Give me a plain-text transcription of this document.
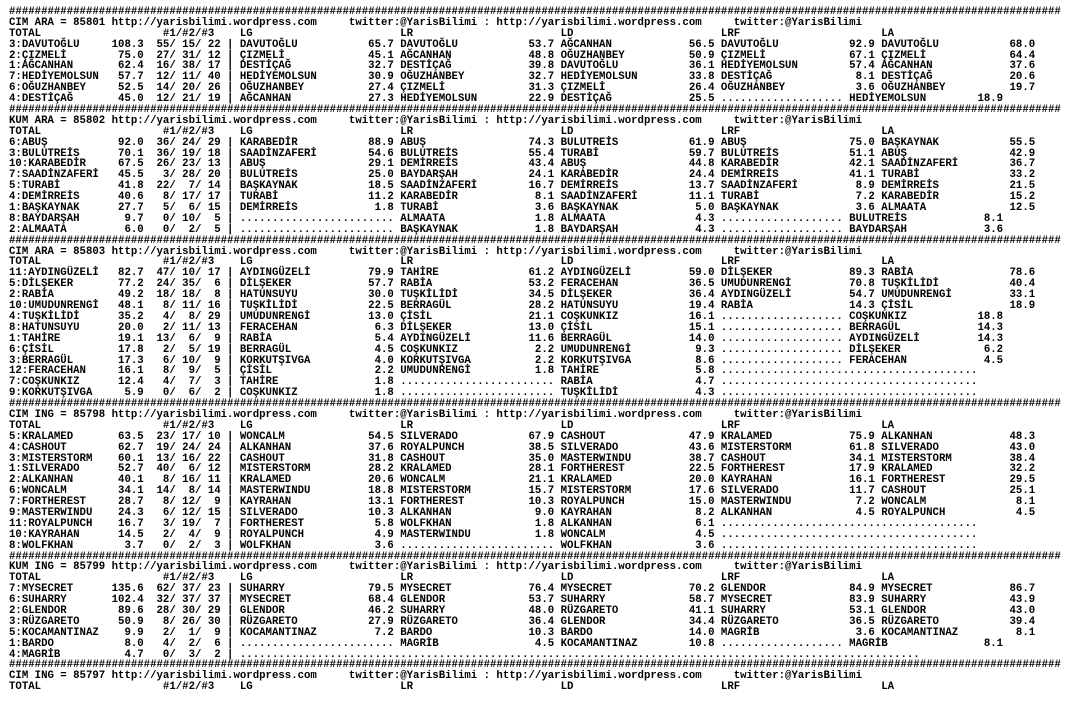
####################################################################################################################################################################
CIM ARA = 85801 http://yarisbilimi.wordpress.com     twitter:@YarisBilimi : http://yarisbilimi.wordpress.com     twitter:@YarisBilimi
TOTAL                   #1/#2/#3    LG                       LR                       LD                       LRF                      LA
3:DAVUTOĞLU     108.3  55/ 15/ 22 | DAVUTOĞLU           65.7 DAVUTOĞLU           53.7 AĞCANHAN            56.5 DAVUTOĞLU           92.9 DAVUTOĞLU           68.0
2:ÇIZMELİ        75.0  27/ 31/ 12 | ÇIZMELİ             45.1 AĞCANHAN            48.8 OĞUZHANBEY          50.9 ÇIZMELİ             67.1 ÇIZMELİ             64.4
1:AĞCANHAN       62.4  16/ 38/ 17 | DESTİÇAĞ            32.7 DESTİÇAĞ            39.8 DAVUTOĞLU           36.1 HEDİYEMOLSUN        57.4 AĞCANHAN            37.6
7:HEDİYEMOLSUN   57.7  12/ 11/ 40 | HEDİYEMOLSUN        30.9 OĞUZHANBEY          32.7 HEDİYEMOLSUN        33.8 DESTİÇAĞ             8.1 DESTİÇAĞ            20.6
6:OĞUZHANBEY     52.5  14/ 20/ 26 | OĞUZHANBEY          27.4 ÇIZMELİ             31.3 ÇIZMELİ             26.4 OĞUZHANBEY           3.6 OĞUZHANBEY          19.7
4:DESTİÇAĞ       45.0  12/ 21/ 19 | AĞCANHAN            27.3 HEDİYEMOLSUN        22.9 DESTİÇAĞ            25.5 ................... HEDİYEMOLSUN        18.9
####################################################################################################################################################################
KUM ARA = 85802 http://yarisbilimi.wordpress.com     twitter:@YarisBilimi : http://yarisbilimi.wordpress.com     twitter:@YarisBilimi
TOTAL                   #1/#2/#3    LG                       LR                       LD                       LRF                      LA
6:ABUŞ           92.0  36/ 24/ 29 | KARABEDİR           88.9 ABUŞ                74.3 BULUTREİS           61.9 ABUŞ                75.0 BAŞKAYNAK           55.5
3:BULUTREİS      70.1  36/ 19/ 18 | SAADİNZAFERİ        54.6 BULUTREİS           55.4 TURABİ              59.7 BULUTREİS           51.1 ABUŞ                42.9
10:KARABEDİR     67.5  26/ 23/ 13 | ABUŞ                29.1 DEMİRREİS           43.4 ABUŞ                44.8 KARABEDİR           42.1 SAADİNZAFERİ        36.7
7:SAADİNZAFERİ   45.5   3/ 28/ 20 | BULUTREİS           25.0 BAYDARŞAH           24.1 KARABEDİR           24.4 DEMİRREİS           41.1 TURABİ              33.2
5:TURABİ         41.8  22/  7/ 14 | BAŞKAYNAK           18.5 SAADİNZAFERİ        16.7 DEMİRREİS           13.7 SAADİNZAFERİ         8.9 DEMİRREİS           21.5
4:DEMİRREİS      40.6   8/ 17/ 17 | TURABİ              11.2 KARABEDİR            8.1 SAADİNZAFERİ        11.1 TURABİ               7.2 KARABEDİR           15.2
1:BAŞKAYNAK      27.7   5/  6/ 15 | DEMİRREİS            1.8 TURABİ               3.6 BAŞKAYNAK            5.0 BAŞKAYNAK            3.6 ALMAATA             12.5
8:BAYDARŞAH       9.7   0/ 10/  5 | ........................ ALMAATA              1.8 ALMAATA              4.3 ................... BULUTREİS            8.1
2:ALMAATA         6.0   0/  2/  5 | ........................ BAŞKAYNAK            1.8 BAYDARŞAH            4.3 ................... BAYDARŞAH            3.6
####################################################################################################################################################################
CIM ARA = 85803 http://yarisbilimi.wordpress.com     twitter:@YarisBilimi : http://yarisbilimi.wordpress.com     twitter:@YarisBilimi
TOTAL                   #1/#2/#3    LG                       LR                       LD                       LRF                      LA
11:AYDINGÜZELİ   82.7  47/ 10/ 17 | AYDINGÜZELİ         79.9 TAHİRE              61.2 AYDINGÜZELİ         59.0 DİLŞEKER            89.3 RABİA               78.6
5:DİLŞEKER       77.2  24/ 35/  6 | DİLŞEKER            57.7 RABİA               53.2 FERACEHAN           36.5 UMUDUNRENGİ         70.8 TUŞKİLİDİ           40.4
2:RABİA          49.2  18/ 18/  8 | HATUNSUYU           30.0 TUŞKİLİDİ           34.5 DİLŞEKER            36.4 AYDINGÜZELİ         54.7 UMUDUNRENGİ         33.1
10:UMUDUNRENGİ   48.1   8/ 11/ 16 | TUŞKİLİDİ           22.5 BERRAGÜL            28.2 HATUNSUYU           19.4 RABİA               14.3 ÇİSİL               18.9
4:TUŞKİLİDİ      35.2   4/  8/ 29 | UMUDUNRENGİ         13.0 ÇİSİL               21.1 COŞKUNKIZ           16.1 ................... COŞKUNKIZ           18.8
8:HATUNSUYU      20.0   2/ 11/ 13 | FERACEHAN            6.3 DİLŞEKER            13.0 ÇİSİL               15.1 ................... BERRAGÜL            14.3
1:TAHİRE         19.1  13/  6/  9 | RABİA                5.4 AYDINGÜZELİ         11.6 BERRAGÜL            14.0 ................... AYDINGÜZELİ         14.3
6:ÇİSİL          17.8   2/  5/ 19 | BERRAGÜL             4.5 COŞKUNKIZ            2.2 UMUDUNRENGİ          9.3 ................... DİLŞEKER             6.2
3:BERRAGÜL       17.3   6/ 10/  9 | KORKUTŞIVGA          4.0 KORKUTŞIVGA          2.2 KORKUTŞIVGA          8.6 ................... FERACEHAN            4.5
12:FERACEHAN     16.1   8/  9/  5 | ÇİSİL                2.2 UMUDUNRENGİ          1.8 TAHİRE               5.8 ........................................
7:COŞKUNKIZ      12.4   4/  7/  3 | TAHİRE               1.8 ........................ RABİA                4.7 ........................................
9:KORKUTŞIVGA     5.9   0/  6/  2 | COŞKUNKIZ            1.8 ........................ TUŞKİLİDİ            4.3 ........................................
####################################################################################################################################################################
CIM ING = 85798 http://yarisbilimi.wordpress.com     twitter:@YarisBilimi : http://yarisbilimi.wordpress.com     twitter:@YarisBilimi
TOTAL                   #1/#2/#3    LG                       LR                       LD                       LRF                      LA
5:KRALAMED       63.5  23/ 17/ 10 | WONCALM             54.5 SILVERADO           67.9 CASHOUT             47.9 KRALAMED            75.9 ALKANHAN            48.3
4:CASHOUT        62.7  19/ 24/ 24 | ALKANHAN            37.6 ROYALPUNCH          38.5 SILVERADO           43.6 MISTERSTORM         61.8 SILVERADO           43.0
3:MISTERSTORM    60.1  13/ 16/ 22 | CASHOUT             31.8 CASHOUT             35.0 MASTERWINDU         38.7 CASHOUT             34.1 MISTERSTORM         38.4
1:SILVERADO      52.7  40/  6/ 12 | MISTERSTORM         28.2 KRALAMED            28.1 FORTHEREST          22.5 FORTHEREST          17.9 KRALAMED            32.2
2:ALKANHAN       40.1   8/ 16/ 11 | KRALAMED            20.6 WONCALM             21.1 KRALAMED            20.0 KAYRAHAN            16.1 FORTHEREST          29.5
6:WONCALM        34.1  14/  8/ 14 | MASTERWINDU         18.8 MISTERSTORM         15.7 MISTERSTORM         17.6 SILVERADO           11.7 CASHOUT             25.1
7:FORTHEREST     28.7   8/ 12/  9 | KAYRAHAN            13.1 FORTHEREST          10.3 ROYALPUNCH          15.0 MASTERWINDU          7.2 WONCALM              8.1
9:MASTERWINDU    24.3   6/ 12/ 15 | SILVERADO           10.3 ALKANHAN             9.0 KAYRAHAN             8.2 ALKANHAN             4.5 ROYALPUNCH           4.5
11:ROYALPUNCH    16.7   3/ 19/  7 | FORTHEREST           5.8 WOLFKHAN             1.8 ALKANHAN             6.1 ........................................
10:KAYRAHAN      14.5   2/  4/  9 | ROYALPUNCH           4.9 MASTERWINDU          1.8 WONCALM              4.5 ........................................
8:WOLFKHAN        3.7   0/  2/  3 | WOLFKHAN             3.6 ........................ WOLFKHAN             3.6 ........................................
####################################################################################################################################################################
KUM ING = 85799 http://yarisbilimi.wordpress.com     twitter:@YarisBilimi : http://yarisbilimi.wordpress.com     twitter:@YarisBilimi
TOTAL                   #1/#2/#3    LG                       LR                       LD                       LRF                      LA
7:MYSECRET      135.6  62/ 37/ 23 | SUHARRY             79.5 MYSECRET            76.4 MYSECRET            70.2 GLENDOR             84.9 MYSECRET            86.7
6:SUHARRY       102.4  32/ 37/ 37 | MYSECRET            68.4 GLENDOR             53.7 SUHARRY             58.7 MYSECRET            83.9 SUHARRY             43.9
2:GLENDOR        89.6  28/ 30/ 29 | GLENDOR             46.2 SUHARRY             48.0 RÜZGARETO           41.1 SUHARRY             53.1 GLENDOR             43.0
3:RÜZGARETO      50.9   8/ 26/ 30 | RÜZGARETO           27.9 RÜZGARETO           36.4 GLENDOR             34.4 RÜZGARETO           36.5 RÜZGARETO           39.4
5:KOCAMANTINAZ    9.9   2/  1/  9 | KOCAMANTINAZ         7.2 BARDO               10.3 BARDO               14.0 MAGRİB               3.6 KOCAMANTINAZ         8.1
1:BARDO           8.0   4/  2/  6 | ........................ MAGRİB               4.5 KOCAMANTINAZ        10.8 ................... MAGRİB               8.1
4:MAGRİB          4.7   0/  3/  2 | ..........................................................................................................
####################################################################################################################################################################
CIM ING = 85797 http://yarisbilimi.wordpress.com     twitter:@YarisBilimi : http://yarisbilimi.wordpress.com     twitter:@YarisBilimi
TOTAL                   #1/#2/#3    LG                       LR                       LD                       LRF                      LA
